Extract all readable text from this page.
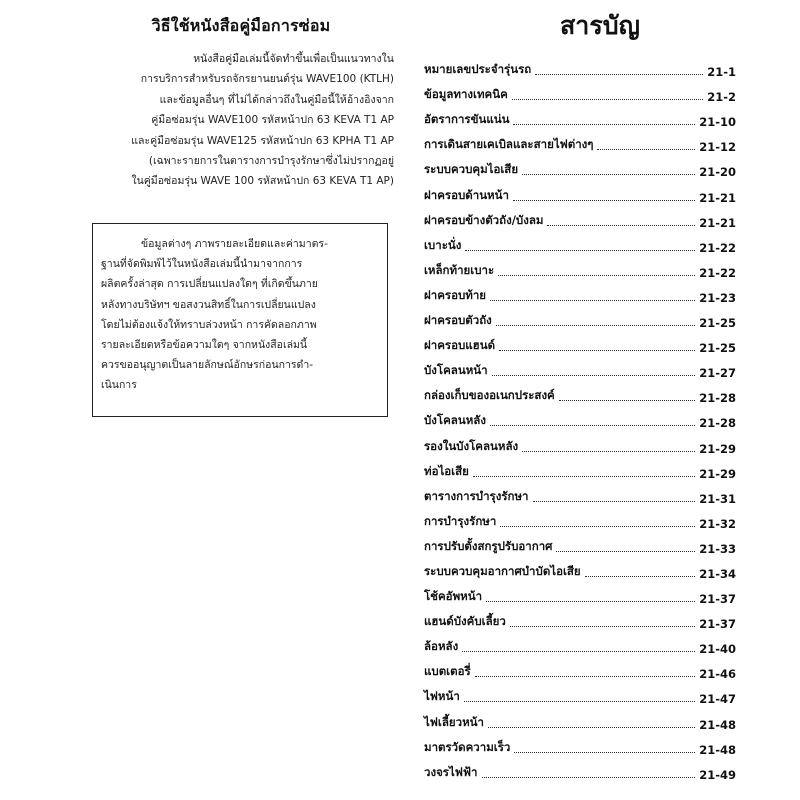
วิธีใช้หนังสือคู่มือการซ่อม
หนังสือคู่มือเล่มนี้จัดทำขึ้นเพื่อเป็นแนวทางใน
การบริการสำหรับรถจักรยานยนต์รุ่น WAVE100 (KTLH)
และข้อมูลอื่นๆ ที่ไม่ได้กล่าวถึงในคู่มือนี้ให้อ้างอิงจาก
คู่มือซ่อมรุ่น WAVE100 รหัสหน้าปก 63 KEVA T1 AP
และคู่มือซ่อมรุ่น WAVE125 รหัสหน้าปก 63 KPHA T1 AP
(เฉพาะรายการในตารางการบำรุงรักษาซึ่งไม่ปรากฏอยู่
ในคู่มือซ่อมรุ่น WAVE 100 รหัสหน้าปก 63 KEVA T1 AP)
ข้อมูลต่างๆ ภาพรายละเอียดและค่ามาตร-
ฐานที่จัดพิมพ์ไว้ในหนังสือเล่มนี้นำมาจากการ
ผลิตครั้งล่าสุด การเปลี่ยนแปลงใดๆ ที่เกิดขึ้นภาย
หลังทางบริษัทฯ ขอสงวนสิทธิ์ในการเปลี่ยนแปลง
โดยไม่ต้องแจ้งให้ทราบล่วงหน้า การคัดลอกภาพ
รายละเอียดหรือข้อความใดๆ จากหนังสือเล่มนี้
ควรขออนุญาตเป็นลายลักษณ์อักษรก่อนการดำ-
เนินการ
สารบัญ
หมายเลขประจำรุ่นรถ	21-1
ข้อมูลทางเทคนิค	21-2
อัตราการขันแน่น	21-10
การเดินสายเคเบิลและสายไฟต่างๆ	21-12
ระบบควบคุมไอเสีย	21-20
ฝาครอบด้านหน้า	21-21
ฝาครอบข้างตัวถัง/บังลม	21-21
เบาะนั่ง	21-22
เหล็กท้ายเบาะ	21-22
ฝาครอบท้าย	21-23
ฝาครอบตัวถัง	21-25
ฝาครอบแฮนด์	21-25
บังโคลนหน้า	21-27
กล่องเก็บของอเนกประสงค์	21-28
บังโคลนหลัง	21-28
รองในบังโคลนหลัง	21-29
ท่อไอเสีย	21-29
ตารางการบำรุงรักษา	21-31
การบำรุงรักษา	21-32
การปรับตั้งสกรูปรับอากาศ	21-33
ระบบควบคุมอากาศบำบัดไอเสีย	21-34
โช้คอัพหน้า	21-37
แฮนด์บังคับเลี้ยว	21-37
ล้อหลัง	21-40
แบตเตอรี่	21-46
ไฟหน้า	21-47
ไฟเลี้ยวหน้า	21-48
มาตรวัดความเร็ว	21-48
วงจรไฟฟ้า	21-49
